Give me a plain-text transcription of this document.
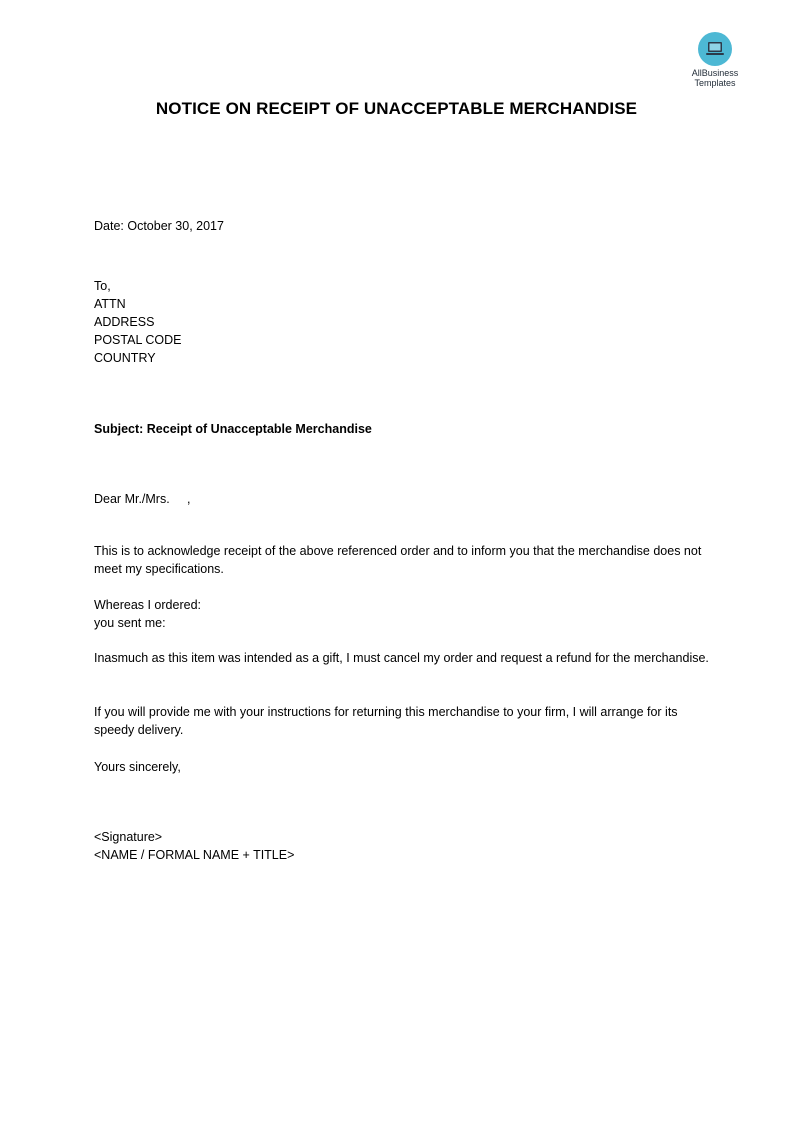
AllBusiness
Templates
NOTICE ON RECEIPT OF UNACCEPTABLE MERCHANDISE
Date: October 30, 2017
To,
ATTN
ADDRESS
POSTAL CODE
COUNTRY
Subject: Receipt of Unacceptable Merchandise
Dear Mr./Mrs.     ,
This is to acknowledge receipt of the above referenced order and to inform you that the merchandise does not meet my specifications.
Whereas I ordered:
you sent me:
Inasmuch as this item was intended as a gift, I must cancel my order and request a refund for the merchandise.
If you will provide me with your instructions for returning this merchandise to your firm, I will arrange for its speedy delivery.
Yours sincerely,
<Signature>
<NAME / FORMAL NAME + TITLE>
